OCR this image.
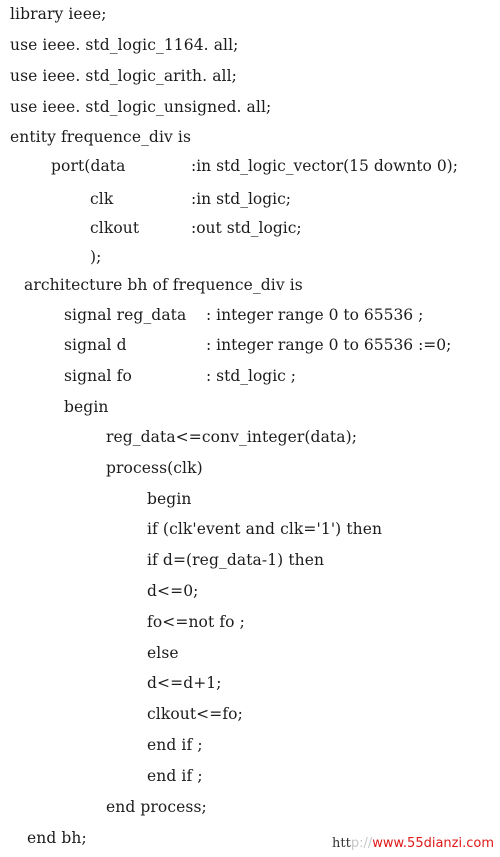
library ieee;
use ieee. std_logic_1164. all;
use ieee. std_logic_arith. all;
use ieee. std_logic_unsigned. all;
entity frequence_div is
port(data	:in std_logic_vector(15 downto 0);
clk	:in std_logic;
clkout	:out std_logic;
);
architecture bh of frequence_div is
signal reg_data : integer range 0 to 65536 ;
signal d	: integer range 0 to 65536 :=0;
signal fo	: std_logic ;
begin
reg_data<=conv_integer(data);
process(clk)
begin
if (clk'event and clk='1') then
if d=(reg_data-1) then
d<=0;
fo<=not fo ;
else
d<=d+1;
clkout<=fo;
end if ;
end if ;
end process;
end bh;	http://www.55dianzi.com
